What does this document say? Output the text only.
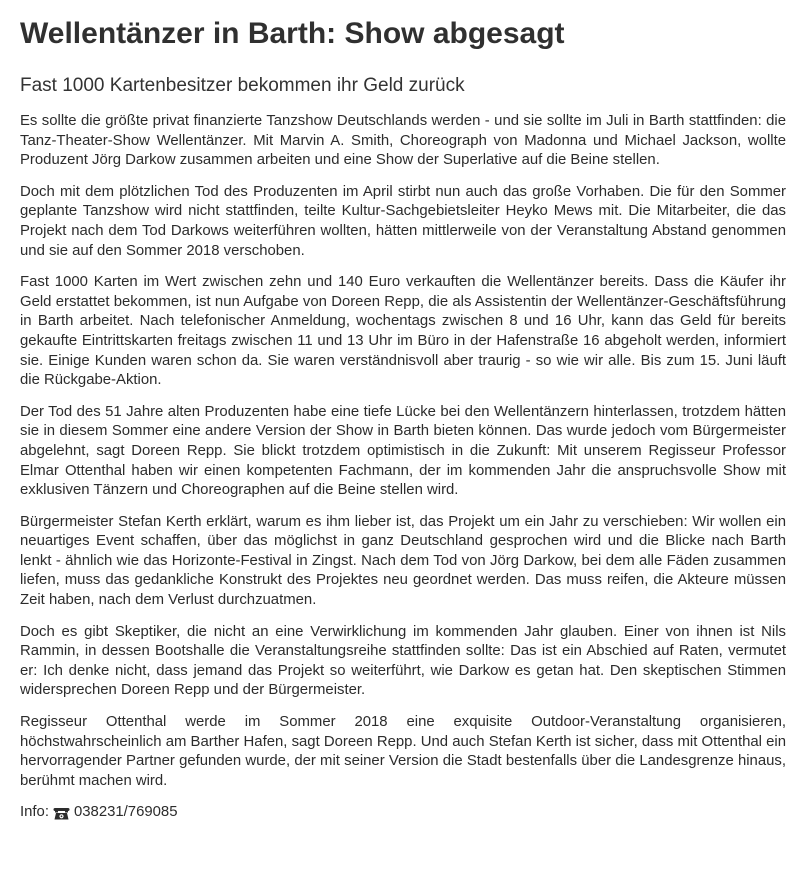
Wellentänzer in Barth: Show abgesagt
Fast 1000 Kartenbesitzer bekommen ihr Geld zurück

Es sollte die größte privat finanzierte Tanzshow Deutschlands werden - und sie sollte im Juli in Barth stattfinden: die Tanz-Theater-Show Wellentänzer. Mit Marvin A. Smith, Choreograph von Madonna und Michael Jackson, wollte Produzent Jörg Darkow zusammen arbeiten und eine Show der Superlative auf die Beine stellen.

Doch mit dem plötzlichen Tod des Produzenten im April stirbt nun auch das große Vorhaben. Die für den Sommer geplante Tanzshow wird nicht stattfinden, teilte Kultur-Sachgebietsleiter Heyko Mews mit. Die Mitarbeiter, die das Projekt nach dem Tod Darkows weiterführen wollten, hätten mittlerweile von der Veranstaltung Abstand genommen und sie auf den Sommer 2018 verschoben.

Fast 1000 Karten im Wert zwischen zehn und 140 Euro verkauften die Wellentänzer bereits. Dass die Käufer ihr Geld erstattet bekommen, ist nun Aufgabe von Doreen Repp, die als Assistentin der Wellentänzer-Geschäftsführung in Barth arbeitet. Nach telefonischer Anmeldung, wochentags zwischen 8 und 16 Uhr, kann das Geld für bereits gekaufte Eintrittskarten freitags zwischen 11 und 13 Uhr im Büro in der Hafenstraße 16 abgeholt werden, informiert sie. Einige Kunden waren schon da. Sie waren verständnisvoll aber traurig - so wie wir alle. Bis zum 15. Juni läuft die Rückgabe-Aktion.

Der Tod des 51 Jahre alten Produzenten habe eine tiefe Lücke bei den Wellentänzern hinterlassen, trotzdem hätten sie in diesem Sommer eine andere Version der Show in Barth bieten können. Das wurde jedoch vom Bürgermeister abgelehnt, sagt Doreen Repp. Sie blickt trotzdem optimistisch in die Zukunft: Mit unserem Regisseur Professor Elmar Ottenthal haben wir einen kompetenten Fachmann, der im kommenden Jahr die anspruchsvolle Show mit exklusiven Tänzern und Choreographen auf die Beine stellen wird.

Bürgermeister Stefan Kerth erklärt, warum es ihm lieber ist, das Projekt um ein Jahr zu verschieben: Wir wollen ein neuartiges Event schaffen, über das möglichst in ganz Deutschland gesprochen wird und die Blicke nach Barth lenkt - ähnlich wie das Horizonte-Festival in Zingst. Nach dem Tod von Jörg Darkow, bei dem alle Fäden zusammen liefen, muss das gedankliche Konstrukt des Projektes neu geordnet werden. Das muss reifen, die Akteure müssen Zeit haben, nach dem Verlust durchzuatmen.

Doch es gibt Skeptiker, die nicht an eine Verwirklichung im kommenden Jahr glauben. Einer von ihnen ist Nils Rammin, in dessen Bootshalle die Veranstaltungsreihe stattfinden sollte: Das ist ein Abschied auf Raten, vermutet er: Ich denke nicht, dass jemand das Projekt so weiterführt, wie Darkow es getan hat. Den skeptischen Stimmen widersprechen Doreen Repp und der Bürgermeister.

Regisseur Ottenthal werde im Sommer 2018 eine exquisite Outdoor-Veranstaltung organisieren, höchstwahrscheinlich am Barther Hafen, sagt Doreen Repp. Und auch Stefan Kerth ist sicher, dass mit Ottenthal ein hervorragender Partner gefunden wurde, der mit seiner Version die Stadt bestenfalls über die Landesgrenze hinaus, berühmt machen wird.

Info: 038231/769085
